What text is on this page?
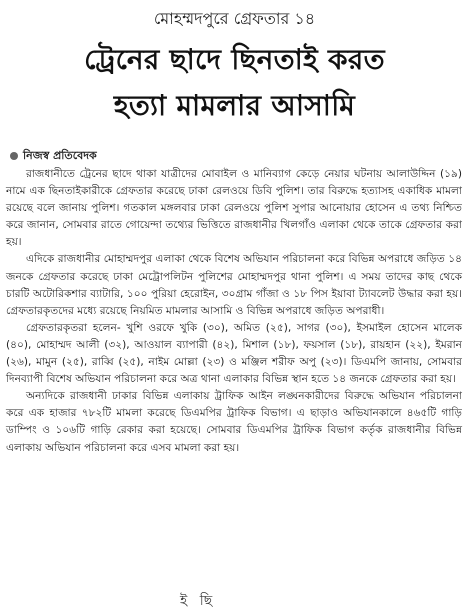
মোহম্মদপুরে গ্রেফতার ১৪
ট্রেনের ছাদে ছিনতাই করত
হত্যা মামলার আসামি
নিজস্ব প্রতিবেদক

রাজধানীতে ট্রেনের ছাদে থাকা যাত্রীদের মোবাইল ও মানিব্যাগ কেড়ে নেয়ার ঘটনায় আলাউদ্দিন (১৯) নামে এক ছিনতাইকারীকে গ্রেফতার করেছে ঢাকা রেলওয়ে ডিবি পুলিশ। তার বিরুদ্ধে হত্যাসহ একাধিক মামলা রয়েছে বলে জানায় পুলিশ। গতকাল মঙ্গলবার ঢাকা রেলওয়ে পুলিশ সুপার আনোয়ার হোসেন এ তথ্য নিশ্চিত করে জানান, সোমবার রাতে গোয়েন্দা তথ্যের ভিত্তিতে রাজধানীর খিলগাঁও এলাকা থেকে তাকে গ্রেফতার করা হয়।

এদিকে রাজধানীর মোহাম্মদপুর এলাকা থেকে বিশেষ অভিযান পরিচালনা করে বিভিন্ন অপরাধে জড়িত ১৪ জনকে গ্রেফতার করেছে ঢাকা মেট্রোপলিটন পুলিশের মোহাম্মদপুর থানা পুলিশ। এ সময় তাদের কাছ থেকে চারটি অটোরিকশার ব্যাটারি, ১০০ পুরিয়া হেরোইন, ৩০গ্রাম গাঁজা ও ১৮ পিস ইয়াবা ট্যাবলেট উদ্ধার করা হয়। গ্রেফতারকৃতদের মধ্যে রয়েছে নিয়মিত মামলার আসামি ও বিভিন্ন অপরাধে জড়িত অপরাধী।

গ্রেফতারকৃতরা হলেন- খুশি ওরফে খুকি (৩০), অমিত (২৫), সাগর (৩০), ইসমাইল হোসেন মালেক (৪০), মোহাম্মদ আলী (৩২), আওয়াল ব্যাপারী (৪২), মিশাল (১৮), ফয়সাল (১৮), রায়হান (২২), ইমরান (২৬), মামুন (২৫), রাব্বি (২৫), নাইম মোল্লা (২৩) ও মঞ্জিল শরীফ অপু (২৩)। ডিএমপি জানায়, সোমবার দিনব্যাপী বিশেষ অভিযান পরিচালনা করে অত্র থানা এলাকার বিভিন্ন স্থান হতে ১৪ জনকে গ্রেফতার করা হয়।

অন্যদিকে রাজধানী ঢাকার বিভিন্ন এলাকায় ট্রাফিক আইন লঙ্ঘনকারীদের বিরুদ্ধে অভিযান পরিচালনা করে এক হাজার ৭৮২টি মামলা করেছে ডিএমপির ট্রাফিক বিভাগ। এ ছাড়াও অভিযানকালে ৪৬৫টি গাড়ি ডাম্পিং ও ১০৬টি গাড়ি রেকার করা হয়েছে। সোমবার ডিএমপির ট্রাফিক বিভাগ কর্তৃক রাজধানীর বিভিন্ন এলাকায় অভিযান পরিচালনা করে এসব মামলা করা হয়।

ই ছি
